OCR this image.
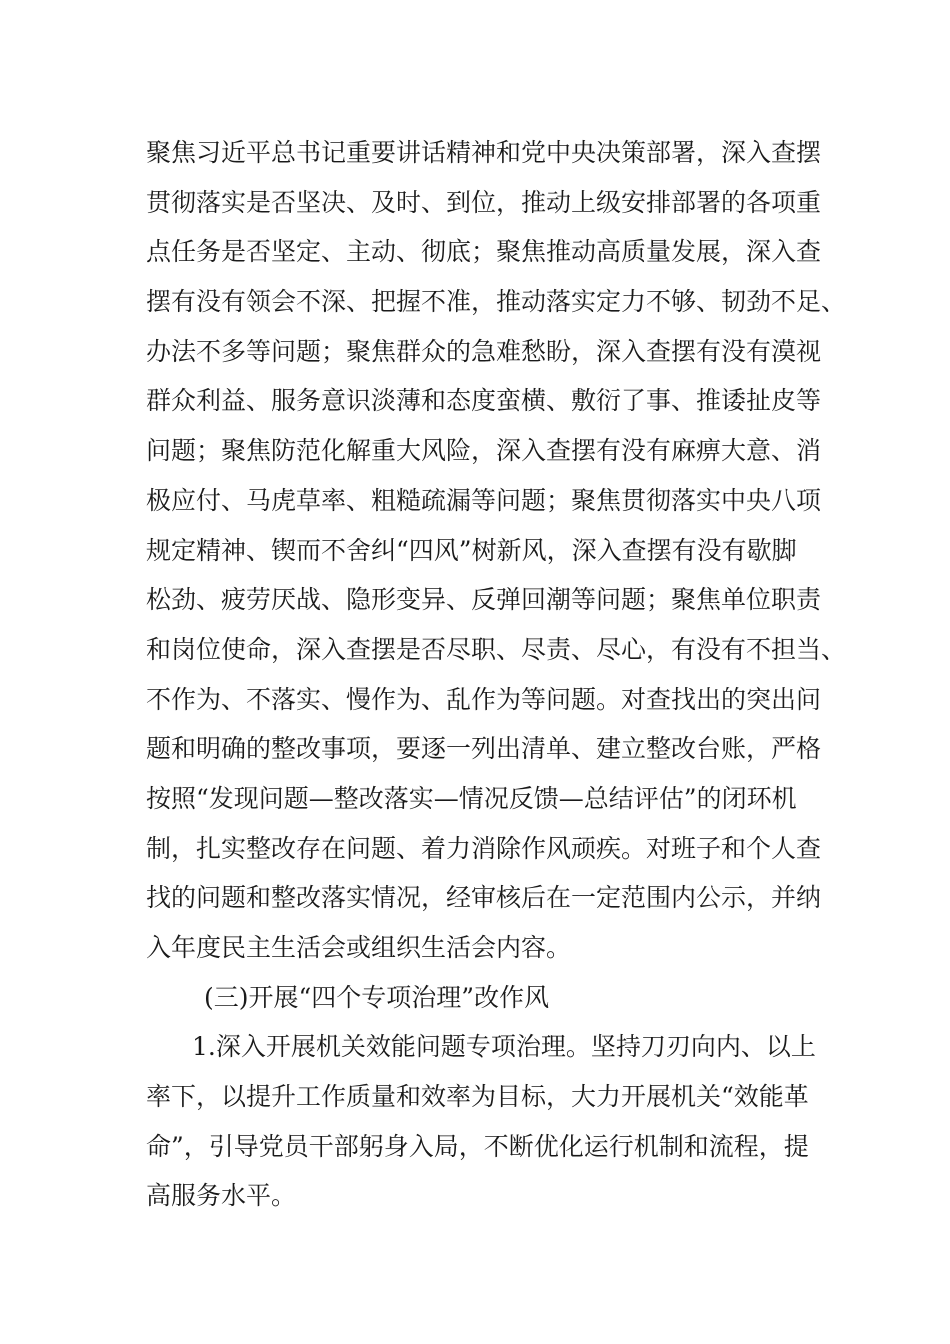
聚焦习近平总书记重要讲话精神和党中央决策部署，深入查摆
贯彻落实是否坚决、及时、到位，推动上级安排部署的各项重
点任务是否坚定、主动、彻底；聚焦推动高质量发展，深入查
摆有没有领会不深、把握不准，推动落实定力不够、韧劲不足、
办法不多等问题；聚焦群众的急难愁盼，深入查摆有没有漠视
群众利益、服务意识淡薄和态度蛮横、敷衍了事、推诿扯皮等
问题；聚焦防范化解重大风险，深入查摆有没有麻痹大意、消
极应付、马虎草率、粗糙疏漏等问题；聚焦贯彻落实中央八项
规定精神、锲而不舍纠“四风”树新风，深入查摆有没有歇脚
松劲、疲劳厌战、隐形变异、反弹回潮等问题；聚焦单位职责
和岗位使命，深入查摆是否尽职、尽责、尽心，有没有不担当、
不作为、不落实、慢作为、乱作为等问题。对查找出的突出问
题和明确的整改事项，要逐一列出清单、建立整改台账，严格
按照“发现问题—整改落实—情况反馈—总结评估”的闭环机
制，扎实整改存在问题、着力消除作风顽疾。对班子和个人查
找的问题和整改落实情况，经审核后在一定范围内公示，并纳
入年度民主生活会或组织生活会内容。
(三)开展“四个专项治理”改作风
1.深入开展机关效能问题专项治理。坚持刀刃向内、以上
率下，以提升工作质量和效率为目标，大力开展机关“效能革
命”，引导党员干部躬身入局，不断优化运行机制和流程，提
高服务水平。
